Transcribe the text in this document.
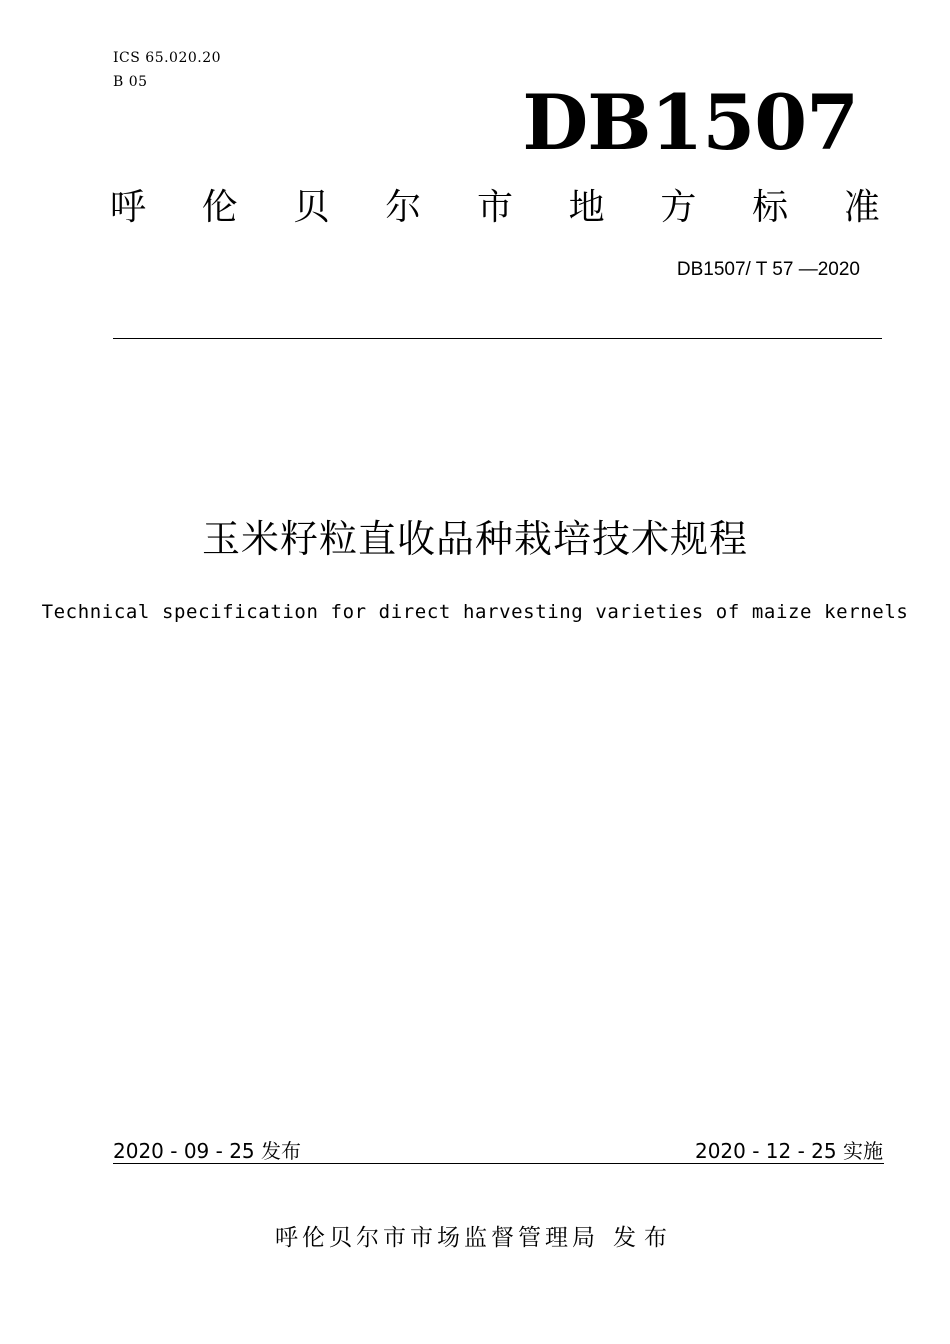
ICS 65.020.20
B 05	DB1507
呼 伦 贝 尔 市 地 方 标 准
DB1507/ T 57 —2020
玉米籽粒直收品种栽培技术规程
Technical specification for direct harvesting varieties of maize kernels
2020 - 09 - 25 发布	2020 - 12 - 25 实施
呼伦贝尔市市场监督管理局 发布
